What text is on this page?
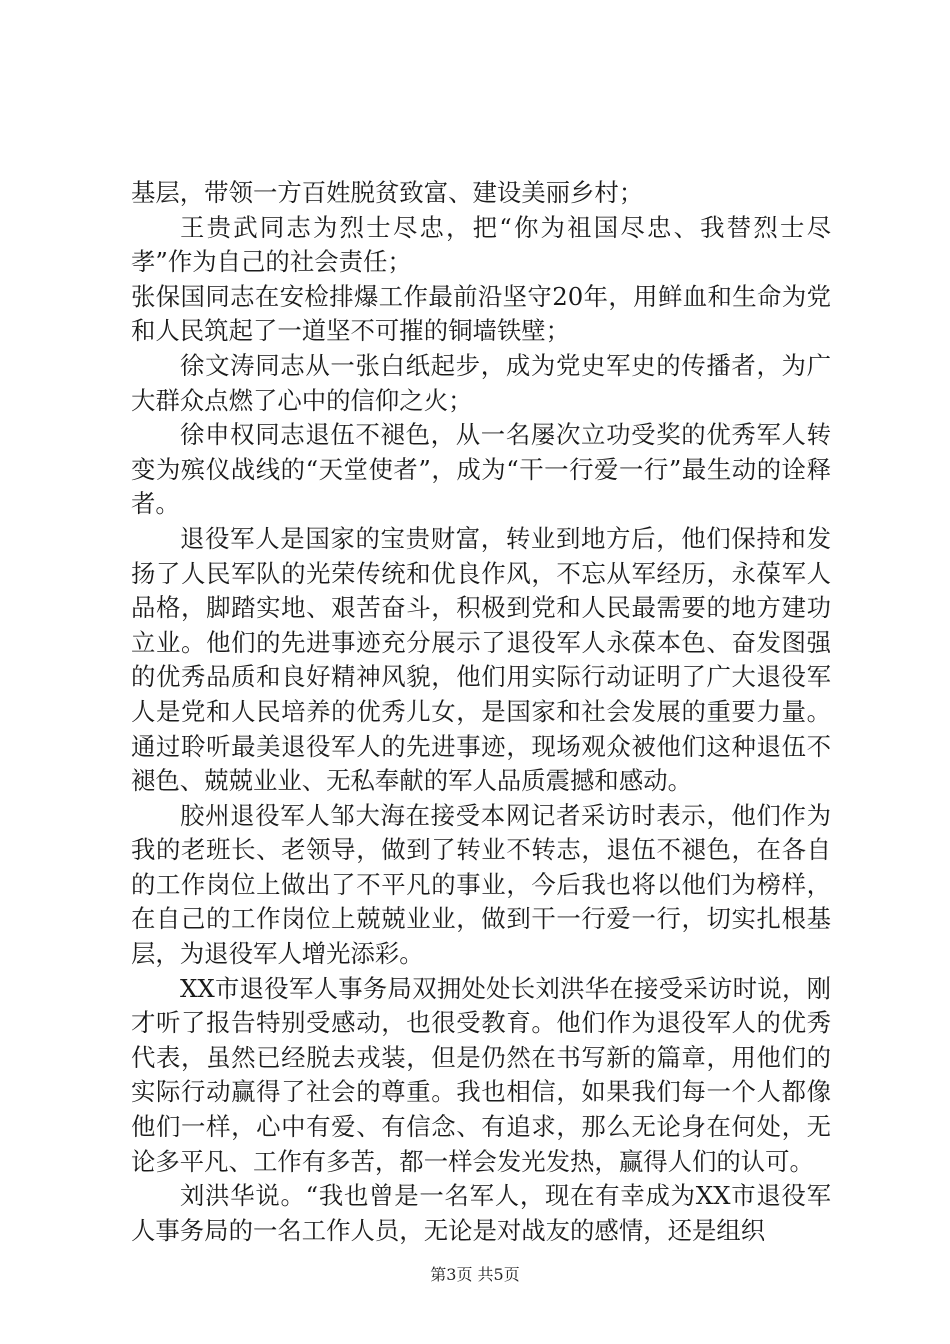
基层，带领一方百姓脱贫致富、建设美丽乡村；

王贵武同志为烈士尽忠，把“你为祖国尽忠、我替烈士尽孝”作为自己的社会责任；

张保国同志在安检排爆工作最前沿坚守20年，用鲜血和生命为党和人民筑起了一道坚不可摧的铜墙铁壁；

徐文涛同志从一张白纸起步，成为党史军史的传播者，为广大群众点燃了心中的信仰之火；

徐申权同志退伍不褪色，从一名屡次立功受奖的优秀军人转变为殡仪战线的“天堂使者”，成为“干一行爱一行”最生动的诠释者。

退役军人是国家的宝贵财富，转业到地方后，他们保持和发扬了人民军队的光荣传统和优良作风，不忘从军经历，永葆军人品格，脚踏实地、艰苦奋斗，积极到党和人民最需要的地方建功立业。他们的先进事迹充分展示了退役军人永葆本色、奋发图强的优秀品质和良好精神风貌，他们用实际行动证明了广大退役军人是党和人民培养的优秀儿女，是国家和社会发展的重要力量。通过聆听最美退役军人的先进事迹，现场观众被他们这种退伍不褪色、兢兢业业、无私奉献的军人品质震撼和感动。

胶州退役军人邹大海在接受本网记者采访时表示，他们作为我的老班长、老领导，做到了转业不转志，退伍不褪色，在各自的工作岗位上做出了不平凡的事业，今后我也将以他们为榜样，在自己的工作岗位上兢兢业业，做到干一行爱一行，切实扎根基层，为退役军人增光添彩。

XX市退役军人事务局双拥处处长刘洪华在接受采访时说，刚才听了报告特别受感动，也很受教育。他们作为退役军人的优秀代表，虽然已经脱去戎装，但是仍然在书写新的篇章，用他们的实际行动赢得了社会的尊重。我也相信，如果我们每一个人都像他们一样，心中有爱、有信念、有追求，那么无论身在何处，无论多平凡、工作有多苦，都一样会发光发热，赢得人们的认可。

刘洪华说。“我也曾是一名军人，现在有幸成为XX市退役军人事务局的一名工作人员，无论是对战友的感情，还是组织

第3页 共5页
